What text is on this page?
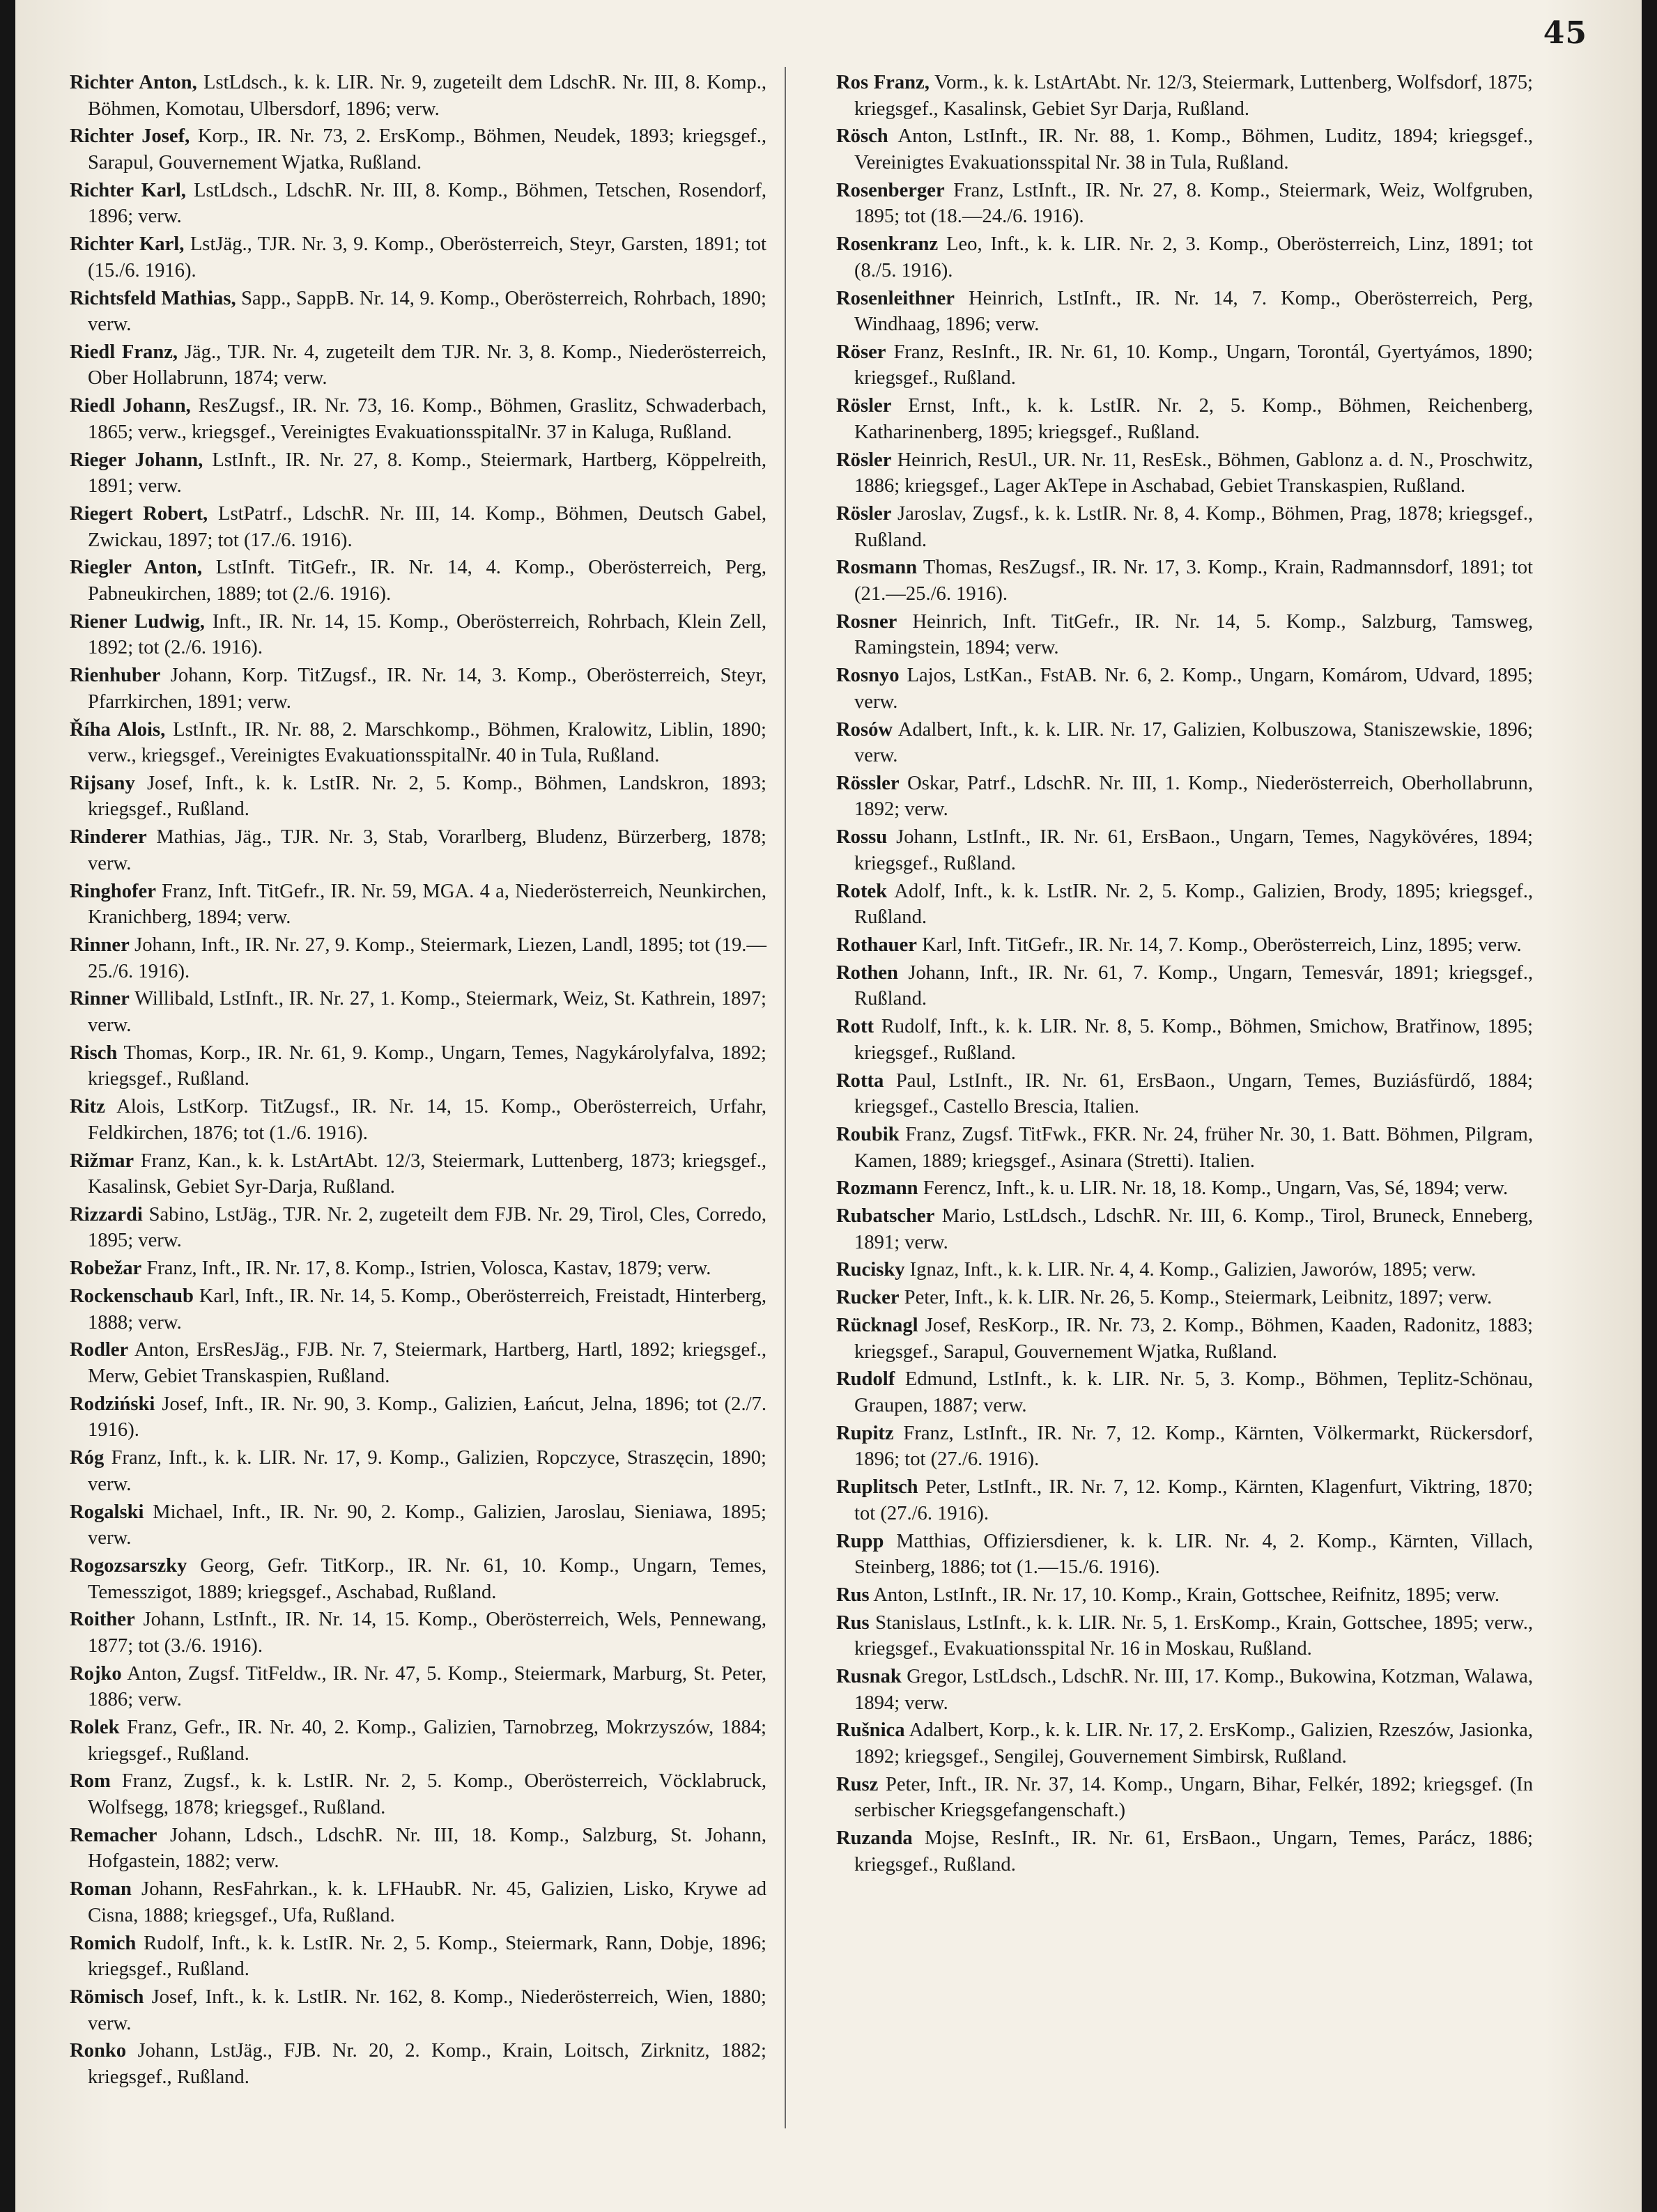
45

Richter Anton, LstLdsch., k. k. LIR. Nr. 9, zugeteilt dem LdschR. Nr. III, 8. Komp., Böhmen, Komotau, Ulbersdorf, 1896; verw.

Richter Josef, Korp., IR. Nr. 73, 2. ErsKomp., Böhmen, Neudek, 1893; kriegsgef., Sarapul, Gouvernement Wjatka, Rußland.

Richter Karl, LstLdsch., LdschR. Nr. III, 8. Komp., Böhmen, Tetschen, Rosendorf, 1896; verw.

Richter Karl, LstJäg., TJR. Nr. 3, 9. Komp., Oberösterreich, Steyr, Garsten, 1891; tot (15./6. 1916).

Richtsfeld Mathias, Sapp., SappB. Nr. 14, 9. Komp., Oberösterreich, Rohrbach, 1890; verw.

Riedl Franz, Jäg., TJR. Nr. 4, zugeteilt dem TJR. Nr. 3, 8. Komp., Niederösterreich, Ober Hollabrunn, 1874; verw.

Riedl Johann, ResZugsf., IR. Nr. 73, 16. Komp., Böhmen, Graslitz, Schwaderbach, 1865; verw., kriegsgef., Vereinigtes EvakuationsspitalNr. 37 in Kaluga, Rußland.

Rieger Johann, LstInft., IR. Nr. 27, 8. Komp., Steiermark, Hartberg, Köppelreith, 1891; verw.

Riegert Robert, LstPatrf., LdschR. Nr. III, 14. Komp., Böhmen, Deutsch Gabel, Zwickau, 1897; tot (17./6. 1916).

Riegler Anton, LstInft. TitGefr., IR. Nr. 14, 4. Komp., Oberösterreich, Perg, Pabneukirchen, 1889; tot (2./6. 1916).

Riener Ludwig, Inft., IR. Nr. 14, 15. Komp., Oberösterreich, Rohrbach, Klein Zell, 1892; tot (2./6. 1916).

Rienhuber Johann, Korp. TitZugsf., IR. Nr. 14, 3. Komp., Oberösterreich, Steyr, Pfarrkirchen, 1891; verw.

Říha Alois, LstInft., IR. Nr. 88, 2. Marschkomp., Böhmen, Kralowitz, Liblin, 1890; verw., kriegsgef., Vereinigtes EvakuationsspitalNr. 40 in Tula, Rußland.

Rijsany Josef, Inft., k. k. LstIR. Nr. 2, 5. Komp., Böhmen, Landskron, 1893; kriegsgef., Rußland.

Rinderer Mathias, Jäg., TJR. Nr. 3, Stab, Vorarlberg, Bludenz, Bürzerberg, 1878; verw.

Ringhofer Franz, Inft. TitGefr., IR. Nr. 59, MGA. 4 a, Niederösterreich, Neunkirchen, Kranichberg, 1894; verw.

Rinner Johann, Inft., IR. Nr. 27, 9. Komp., Steiermark, Liezen, Landl, 1895; tot (19.—25./6. 1916).

Rinner Willibald, LstInft., IR. Nr. 27, 1. Komp., Steiermark, Weiz, St. Kathrein, 1897; verw.

Risch Thomas, Korp., IR. Nr. 61, 9. Komp., Ungarn, Temes, Nagykárolyfalva, 1892; kriegsgef., Rußland.

Ritz Alois, LstKorp. TitZugsf., IR. Nr. 14, 15. Komp., Oberösterreich, Urfahr, Feldkirchen, 1876; tot (1./6. 1916).

Rižmar Franz, Kan., k. k. LstArtAbt. 12/3, Steiermark, Luttenberg, 1873; kriegsgef., Kasalinsk, Gebiet Syr-Darja, Rußland.

Rizzardi Sabino, LstJäg., TJR. Nr. 2, zugeteilt dem FJB. Nr. 29, Tirol, Cles, Corredo, 1895; verw.

Robežar Franz, Inft., IR. Nr. 17, 8. Komp., Istrien, Volosca, Kastav, 1879; verw.

Rockenschaub Karl, Inft., IR. Nr. 14, 5. Komp., Oberösterreich, Freistadt, Hinterberg, 1888; verw.

Rodler Anton, ErsResJäg., FJB. Nr. 7, Steiermark, Hartberg, Hartl, 1892; kriegsgef., Merw, Gebiet Transkaspien, Rußland.

Rodziński Josef, Inft., IR. Nr. 90, 3. Komp., Galizien, Łańcut, Jelna, 1896; tot (2./7. 1916).

Róg Franz, Inft., k. k. LIR. Nr. 17, 9. Komp., Galizien, Ropczyce, Straszęcin, 1890; verw.

Rogalski Michael, Inft., IR. Nr. 90, 2. Komp., Galizien, Jaroslau, Sieniawa, 1895; verw.

Rogozsarszky Georg, Gefr. TitKorp., IR. Nr. 61, 10. Komp., Ungarn, Temes, Temesszigot, 1889; kriegsgef., Aschabad, Rußland.

Roither Johann, LstInft., IR. Nr. 14, 15. Komp., Oberösterreich, Wels, Pennewang, 1877; tot (3./6. 1916).

Rojko Anton, Zugsf. TitFeldw., IR. Nr. 47, 5. Komp., Steiermark, Marburg, St. Peter, 1886; verw.

Rolek Franz, Gefr., IR. Nr. 40, 2. Komp., Galizien, Tarnobrzeg, Mokrzyszów, 1884; kriegsgef., Rußland.

Rom Franz, Zugsf., k. k. LstIR. Nr. 2, 5. Komp., Oberösterreich, Vöcklabruck, Wolfsegg, 1878; kriegsgef., Rußland.

Remacher Johann, Ldsch., LdschR. Nr. III, 18. Komp., Salzburg, St. Johann, Hofgastein, 1882; verw.

Roman Johann, ResFahrkan., k. k. LFHaubR. Nr. 45, Galizien, Lisko, Krywe ad Cisna, 1888; kriegsgef., Ufa, Rußland.

Romich Rudolf, Inft., k. k. LstIR. Nr. 2, 5. Komp., Steiermark, Rann, Dobje, 1896; kriegsgef., Rußland.

Römisch Josef, Inft., k. k. LstIR. Nr. 162, 8. Komp., Niederösterreich, Wien, 1880; verw.

Ronko Johann, LstJäg., FJB. Nr. 20, 2. Komp., Krain, Loitsch, Zirknitz, 1882; kriegsgef., Rußland.

Ros Franz, Vorm., k. k. LstArtAbt. Nr. 12/3, Steiermark, Luttenberg, Wolfsdorf, 1875; kriegsgef., Kasalinsk, Gebiet Syr Darja, Rußland.

Rösch Anton, LstInft., IR. Nr. 88, 1. Komp., Böhmen, Luditz, 1894; kriegsgef., Vereinigtes Evakuationsspital Nr. 38 in Tula, Rußland.

Rosenberger Franz, LstInft., IR. Nr. 27, 8. Komp., Steiermark, Weiz, Wolfgruben, 1895; tot (18.—24./6. 1916).

Rosenkranz Leo, Inft., k. k. LIR. Nr. 2, 3. Komp., Oberösterreich, Linz, 1891; tot (8./5. 1916).

Rosenleithner Heinrich, LstInft., IR. Nr. 14, 7. Komp., Oberösterreich, Perg, Windhaag, 1896; verw.

Röser Franz, ResInft., IR. Nr. 61, 10. Komp., Ungarn, Torontál, Gyertyámos, 1890; kriegsgef., Rußland.

Rösler Ernst, Inft., k. k. LstIR. Nr. 2, 5. Komp., Böhmen, Reichenberg, Katharinenberg, 1895; kriegsgef., Rußland.

Rösler Heinrich, ResUl., UR. Nr. 11, ResEsk., Böhmen, Gablonz a. d. N., Proschwitz, 1886; kriegsgef., Lager AkTepe in Aschabad, Gebiet Transkaspien, Rußland.

Rösler Jaroslav, Zugsf., k. k. LstIR. Nr. 8, 4. Komp., Böhmen, Prag, 1878; kriegsgef., Rußland.

Rosmann Thomas, ResZugsf., IR. Nr. 17, 3. Komp., Krain, Radmannsdorf, 1891; tot (21.—25./6. 1916).

Rosner Heinrich, Inft. TitGefr., IR. Nr. 14, 5. Komp., Salzburg, Tamsweg, Ramingstein, 1894; verw.

Rosnyo Lajos, LstKan., FstAB. Nr. 6, 2. Komp., Ungarn, Komárom, Udvard, 1895; verw.

Rosów Adalbert, Inft., k. k. LIR. Nr. 17, Galizien, Kolbuszowa, Staniszewskie, 1896; verw.

Rössler Oskar, Patrf., LdschR. Nr. III, 1. Komp., Niederösterreich, Oberhollabrunn, 1892; verw.

Rossu Johann, LstInft., IR. Nr. 61, ErsBaon., Ungarn, Temes, Nagykövéres, 1894; kriegsgef., Rußland.

Rotek Adolf, Inft., k. k. LstIR. Nr. 2, 5. Komp., Galizien, Brody, 1895; kriegsgef., Rußland.

Rothauer Karl, Inft. TitGefr., IR. Nr. 14, 7. Komp., Oberösterreich, Linz, 1895; verw.

Rothen Johann, Inft., IR. Nr. 61, 7. Komp., Ungarn, Temesvár, 1891; kriegsgef., Rußland.

Rott Rudolf, Inft., k. k. LIR. Nr. 8, 5. Komp., Böhmen, Smichow, Bratřinow, 1895; kriegsgef., Rußland.

Rotta Paul, LstInft., IR. Nr. 61, ErsBaon., Ungarn, Temes, Buziásfürdő, 1884; kriegsgef., Castello Brescia, Italien.

Roubik Franz, Zugsf. TitFwk., FKR. Nr. 24, früher Nr. 30, 1. Batt. Böhmen, Pilgram, Kamen, 1889; kriegsgef., Asinara (Stretti). Italien.

Rozmann Ferencz, Inft., k. u. LIR. Nr. 18, 18. Komp., Ungarn, Vas, Sé, 1894; verw.

Rubatscher Mario, LstLdsch., LdschR. Nr. III, 6. Komp., Tirol, Bruneck, Enneberg, 1891; verw.

Rucisky Ignaz, Inft., k. k. LIR. Nr. 4, 4. Komp., Galizien, Jaworów, 1895; verw.

Rucker Peter, Inft., k. k. LIR. Nr. 26, 5. Komp., Steiermark, Leibnitz, 1897; verw.

Rücknagl Josef, ResKorp., IR. Nr. 73, 2. Komp., Böhmen, Kaaden, Radonitz, 1883; kriegsgef., Sarapul, Gouvernement Wjatka, Rußland.

Rudolf Edmund, LstInft., k. k. LIR. Nr. 5, 3. Komp., Böhmen, Teplitz-Schönau, Graupen, 1887; verw.

Rupitz Franz, LstInft., IR. Nr. 7, 12. Komp., Kärnten, Völkermarkt, Rückersdorf, 1896; tot (27./6. 1916).

Ruplitsch Peter, LstInft., IR. Nr. 7, 12. Komp., Kärnten, Klagenfurt, Viktring, 1870; tot (27./6. 1916).

Rupp Matthias, Offiziersdiener, k. k. LIR. Nr. 4, 2. Komp., Kärnten, Villach, Steinberg, 1886; tot (1.—15./6. 1916).

Rus Anton, LstInft., IR. Nr. 17, 10. Komp., Krain, Gottschee, Reifnitz, 1895; verw.

Rus Stanislaus, LstInft., k. k. LIR. Nr. 5, 1. ErsKomp., Krain, Gottschee, 1895; verw., kriegsgef., Evakuationsspital Nr. 16 in Moskau, Rußland.

Rusnak Gregor, LstLdsch., LdschR. Nr. III, 17. Komp., Bukowina, Kotzman, Walawa, 1894; verw.

Rušnica Adalbert, Korp., k. k. LIR. Nr. 17, 2. ErsKomp., Galizien, Rzeszów, Jasionka, 1892; kriegsgef., Sengilej, Gouvernement Simbirsk, Rußland.

Rusz Peter, Inft., IR. Nr. 37, 14. Komp., Ungarn, Bihar, Felkér, 1892; kriegsgef. (In serbischer Kriegsgefangenschaft.)

Ruzanda Mojse, ResInft., IR. Nr. 61, ErsBaon., Ungarn, Temes, Parácz, 1886; kriegsgef., Rußland.
